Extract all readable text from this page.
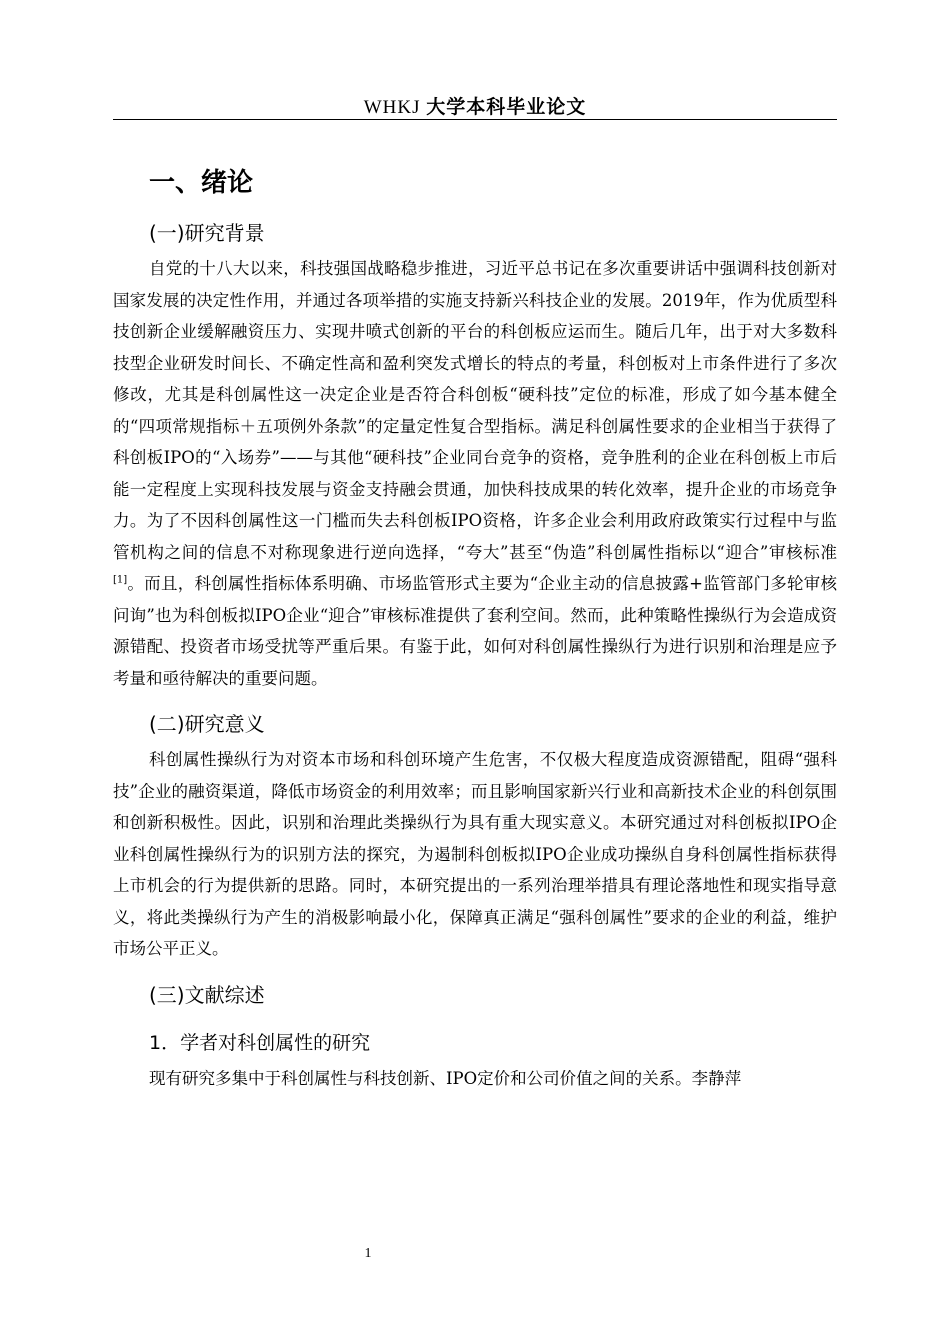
WHKJ 大学本科毕业论文
一、绪论
(一)研究背景

自党的十八大以来，科技强国战略稳步推进，习近平总书记在多次重要讲话中强调科技创新对国家发展的决定性作用，并通过各项举措的实施支持新兴科技企业的发展。2019年，作为优质型科技创新企业缓解融资压力、实现井喷式创新的平台的科创板应运而生。随后几年，出于对大多数科技型企业研发时间长、不确定性高和盈利突发式增长的特点的考量，科创板对上市条件进行了多次修改，尤其是科创属性这一决定企业是否符合科创板“硬科技”定位的标准，形成了如今基本健全的“四项常规指标＋五项例外条款”的定量定性复合型指标。满足科创属性要求的企业相当于获得了科创板IPO的“入场券”——与其他“硬科技”企业同台竞争的资格，竞争胜利的企业在科创板上市后能一定程度上实现科技发展与资金支持融会贯通，加快科技成果的转化效率，提升企业的市场竞争力。为了不因科创属性这一门槛而失去科创板IPO资格，许多企业会利用政府政策实行过程中与监管机构之间的信息不对称现象进行逆向选择，“夸大”甚至“伪造”科创属性指标以“迎合”审核标准[1]。而且，科创属性指标体系明确、市场监管形式主要为“企业主动的信息披露+监管部门多轮审核问询”也为科创板拟IPO企业“迎合”审核标准提供了套利空间。然而，此种策略性操纵行为会造成资源错配、投资者市场受扰等严重后果。有鉴于此，如何对科创属性操纵行为进行识别和治理是应予考量和亟待解决的重要问题。

(二)研究意义

科创属性操纵行为对资本市场和科创环境产生危害，不仅极大程度造成资源错配，阻碍“强科技”企业的融资渠道，降低市场资金的利用效率；而且影响国家新兴行业和高新技术企业的科创氛围和创新积极性。因此，识别和治理此类操纵行为具有重大现实意义。本研究通过对科创板拟IPO企业科创属性操纵行为的识别方法的探究，为遏制科创板拟IPO企业成功操纵自身科创属性指标获得上市机会的行为提供新的思路。同时，本研究提出的一系列治理举措具有理论落地性和现实指导意义，将此类操纵行为产生的消极影响最小化，保障真正满足“强科创属性”要求的企业的利益，维护市场公平正义。

(三)文献综述
1．学者对科创属性的研究

现有研究多集中于科创属性与科技创新、IPO定价和公司价值之间的关系。李静萍

1
